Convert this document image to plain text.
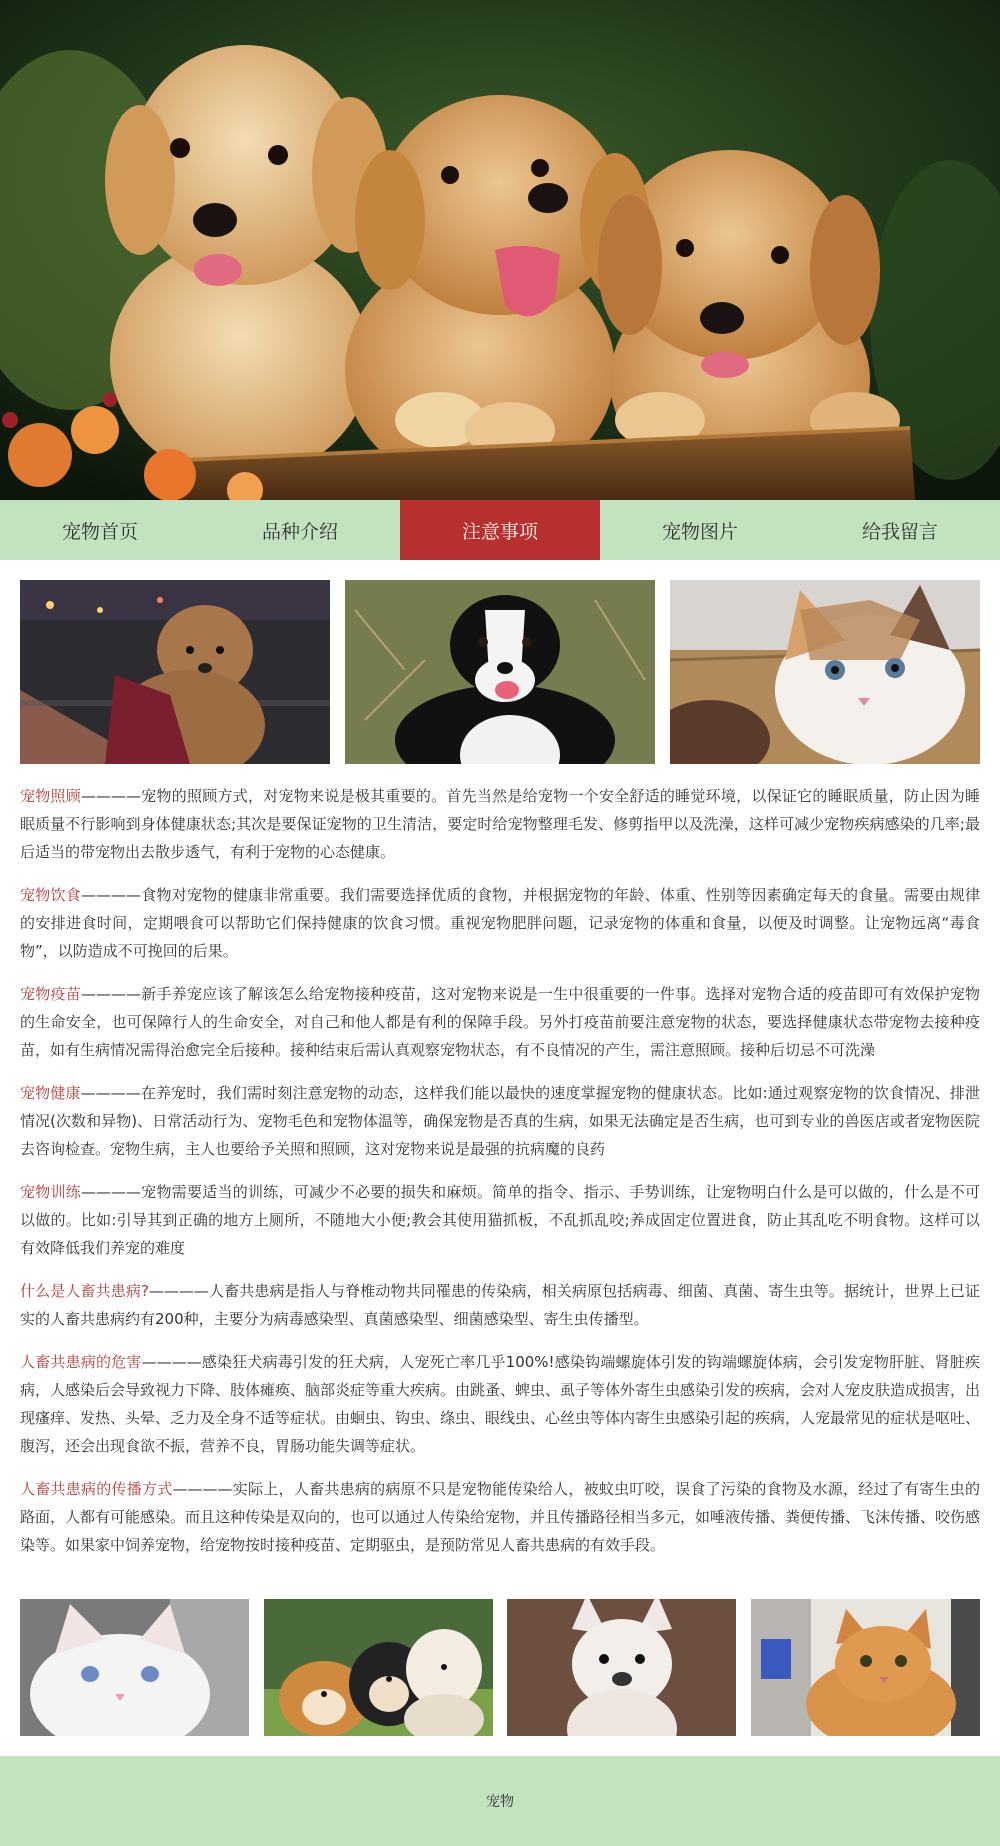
宠物首页	品种介绍	注意事项	宠物图片	给我留言

宠物照顾————宠物的照顾方式，对宠物来说是极其重要的。首先当然是给宠物一个安全舒适的睡觉环境，以保证它的睡眠质量，防止因为睡眠质量不行影响到身体健康状态;其次是要保证宠物的卫生清洁，要定时给宠物整理毛发、修剪指甲以及洗澡，这样可减少宠物疾病感染的几率;最后适当的带宠物出去散步透气，有利于宠物的心态健康。

宠物饮食————食物对宠物的健康非常重要。我们需要选择优质的食物，并根据宠物的年龄、体重、性别等因素确定每天的食量。需要由规律的安排进食时间，定期喂食可以帮助它们保持健康的饮食习惯。重视宠物肥胖问题，记录宠物的体重和食量，以便及时调整。让宠物远离“毒食物”，以防造成不可挽回的后果。

宠物疫苗————新手养宠应该了解该怎么给宠物接种疫苗，这对宠物来说是一生中很重要的一件事。选择对宠物合适的疫苗即可有效保护宠物的生命安全，也可保障行人的生命安全，对自己和他人都是有利的保障手段。另外打疫苗前要注意宠物的状态，要选择健康状态带宠物去接种疫苗，如有生病情况需得治愈完全后接种。接种结束后需认真观察宠物状态，有不良情况的产生，需注意照顾。接种后切忌不可洗澡

宠物健康————在养宠时，我们需时刻注意宠物的动态，这样我们能以最快的速度掌握宠物的健康状态。比如:通过观察宠物的饮食情况、排泄情况(次数和异物)、日常活动行为、宠物毛色和宠物体温等，确保宠物是否真的生病，如果无法确定是否生病，也可到专业的兽医店或者宠物医院去咨询检查。宠物生病，主人也要给予关照和照顾，这对宠物来说是最强的抗病魔的良药

宠物训练————宠物需要适当的训练，可减少不必要的损失和麻烦。简单的指令、指示、手势训练，让宠物明白什么是可以做的，什么是不可以做的。比如:引导其到正确的地方上厕所，不随地大小便;教会其使用猫抓板，不乱抓乱咬;养成固定位置进食，防止其乱吃不明食物。这样可以有效降低我们养宠的难度

什么是人畜共患病?————人畜共患病是指人与脊椎动物共同罹患的传染病，相关病原包括病毒、细菌、真菌、寄生虫等。据统计，世界上已证实的人畜共患病约有200种，主要分为病毒感染型、真菌感染型、细菌感染型、寄生虫传播型。

人畜共患病的危害————感染狂犬病毒引发的狂犬病，人宠死亡率几乎100%!感染钩端螺旋体引发的钩端螺旋体病，会引发宠物肝脏、肾脏疾病，人感染后会导致视力下降、肢体瘫痪、脑部炎症等重大疾病。由跳蚤、蜱虫、虱子等体外寄生虫感染引发的疾病，会对人宠皮肤造成损害，出现瘙痒、发热、头晕、乏力及全身不适等症状。由蛔虫、钩虫、绦虫、眼线虫、心丝虫等体内寄生虫感染引起的疾病，人宠最常见的症状是呕吐、腹泻，还会出现食欲不振，营养不良，胃肠功能失调等症状。

人畜共患病的传播方式————实际上，人畜共患病的病原不只是宠物能传染给人，被蚊虫叮咬，误食了污染的食物及水源，经过了有寄生虫的路面，人都有可能感染。而且这种传染是双向的，也可以通过人传染给宠物，并且传播路径相当多元，如唾液传播、粪便传播、飞沫传播、咬伤感染等。如果家中饲养宠物，给宠物按时接种疫苗、定期驱虫，是预防常见人畜共患病的有效手段。

宠物
